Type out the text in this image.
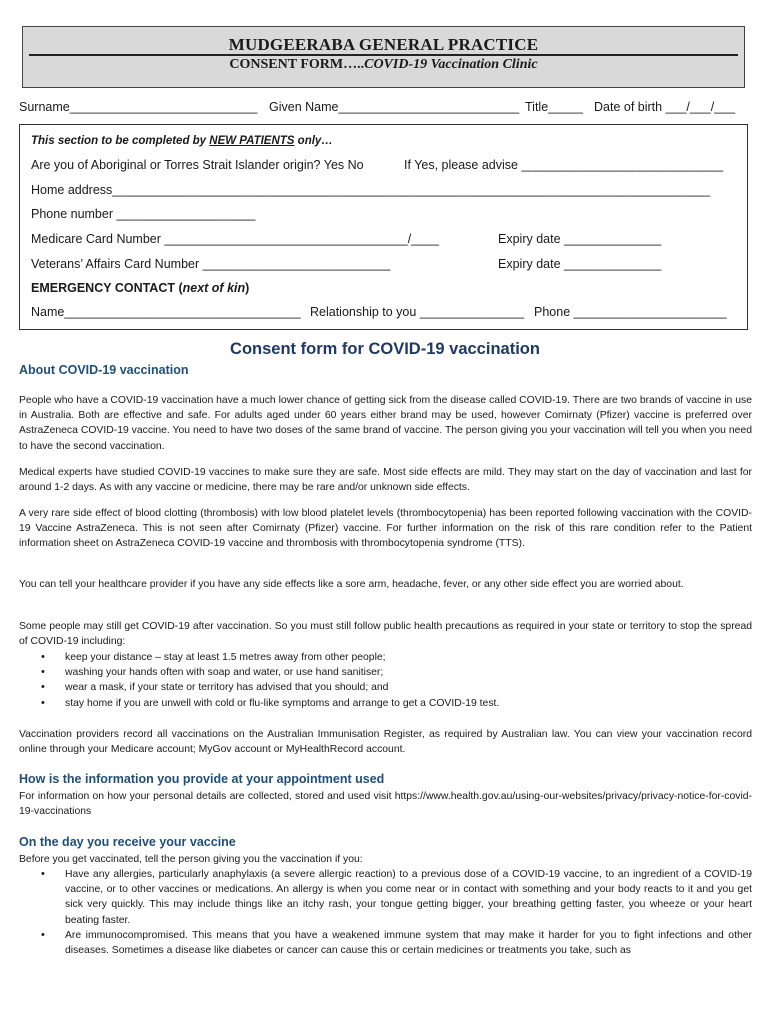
MUDGEERABA GENERAL PRACTICE
CONSENT FORM…..COVID-19 Vaccination Clinic
Surname___________________________ Given Name__________________________ Title_____ Date of birth ___/___/___
This section to be completed by NEW PATIENTS only…
Are you of Aboriginal or Torres Strait Islander origin? Yes No	If Yes, please advise _____________________________
Home address______________________________________________________________________________________
Phone number ____________________
Medicare Card Number ___________________________________/____	Expiry date ______________
Veterans’ Affairs Card Number ___________________________	Expiry date ______________
EMERGENCY CONTACT (next of kin)
Name__________________________________ Relationship to you _______________ Phone ______________________
Consent form for COVID-19 vaccination
About COVID-19 vaccination

People who have a COVID-19 vaccination have a much lower chance of getting sick from the disease called COVID-19. There are two brands of vaccine in use in Australia. Both are effective and safe. For adults aged under 60 years either brand may be used, however Comirnaty (Pfizer) vaccine is preferred over AstraZeneca COVID-19 vaccine. You need to have two doses of the same brand of vaccine. The person giving you your vaccination will tell you when you need to have the second vaccination.

Medical experts have studied COVID-19 vaccines to make sure they are safe. Most side effects are mild. They may start on the day of vaccination and last for around 1-2 days. As with any vaccine or medicine, there may be rare and/or unknown side effects.

A very rare side effect of blood clotting (thrombosis) with low blood platelet levels (thrombocytopenia) has been reported following vaccination with the COVID-19 Vaccine AstraZeneca. This is not seen after Comirnaty (Pfizer) vaccine. For further information on the risk of this rare condition refer to the Patient information sheet on AstraZeneca COVID-19 vaccine and thrombosis with thrombocytopenia syndrome (TTS).

You can tell your healthcare provider if you have any side effects like a sore arm, headache, fever, or any other side effect you are worried about.

Some people may still get COVID-19 after vaccination. So you must still follow public health precautions as required in your state or territory to stop the spread of COVID-19 including:

• keep your distance – stay at least 1.5 metres away from other people;
• washing your hands often with soap and water, or use hand sanitiser;
• wear a mask, if your state or territory has advised that you should; and
• stay home if you are unwell with cold or flu-like symptoms and arrange to get a COVID-19 test.

Vaccination providers record all vaccinations on the Australian Immunisation Register, as required by Australian law. You can view your vaccination record online through your Medicare account; MyGov account or MyHealthRecord account.

How is the information you provide at your appointment used

For information on how your personal details are collected, stored and used visit https://www.health.gov.au/using-our-websites/privacy/privacy-notice-for-covid-19-vaccinations

On the day you receive your vaccine

Before you get vaccinated, tell the person giving you the vaccination if you:

• Have any allergies, particularly anaphylaxis (a severe allergic reaction) to a previous dose of a COVID-19 vaccine, to an ingredient of a COVID-19 vaccine, or to other vaccines or medications. An allergy is when you come near or in contact with something and your body reacts to it and you get sick very quickly. This may include things like an itchy rash, your tongue getting bigger, your breathing getting faster, you wheeze or your heart beating faster.
• Are immunocompromised. This means that you have a weakened immune system that may make it harder for you to fight infections and other diseases. Sometimes a disease like diabetes or cancer can cause this or certain medicines or treatments you take, such as
